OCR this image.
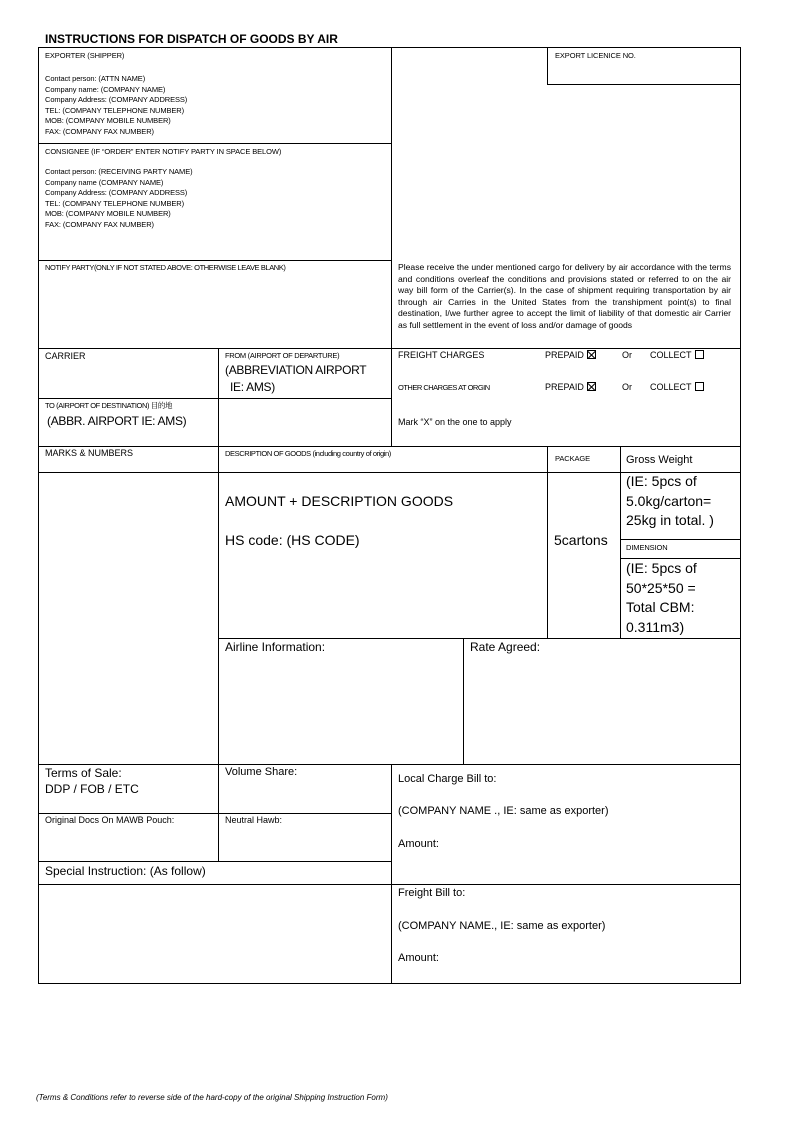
INSTRUCTIONS FOR DISPATCH OF GOODS BY AIR
EXPORTER (SHIPPER)
Contact person: (ATTN NAME)
Company name: (COMPANY NAME)
Company Address: (COMPANY ADDRESS)
TEL: (COMPANY TELEPHONE NUMBER)
MOB: (COMPANY MOBILE NUMBER)
FAX: (COMPANY FAX NUMBER)
EXPORT LICENICE NO.
CONSIGNEE (IF “ORDER” ENTER NOTIFY PARTY IN SPACE BELOW)
Contact person: (RECEIVING PARTY NAME)
Company name (COMPANY NAME)
Company Address: (COMPANY ADDRESS)
TEL: (COMPANY TELEPHONE NUMBER)
MOB: (COMPANY MOBILE NUMBER)
FAX: (COMPANY FAX NUMBER)
NOTIFY PARTY(ONLY IF NOT STATED ABOVE: OTHERWISE LEAVE BLANK)	Please receive the under mentioned cargo for delivery by air accordance with the terms and conditions overleaf the conditions and provisions stated or referred to on the air way bill form of the Carrier(s). In the case of shipment requiring transportation by air through air Carries in the United States from the transhipment point(s) to final destination, I/we further agree to accept the limit of liability of that domestic air Carrier as full settlement in the event of loss and/or damage of goods
CARRIER	FROM (AIRPORT OF DEPARTURE)
(ABBREVIATION AIRPORT
IE: AMS)
TO (AIRPORT OF DESTINATION) 目的地
(ABBR. AIRPORT IE: AMS)
FREIGHT CHARGES	PREPAID	Or COLLECT
OTHER CHARGES AT ORGIN	PREPAID	Or COLLECT
Mark “X” on the one to apply
MARKS & NUMBERS	DESCRIPTION OF GOODS (including country of origin)
PACKAGE	Gross Weight
AMOUNT + DESCRIPTION GOODS
HS code: (HS CODE)	5cartons
(IE: 5pcs of
5.0kg/carton=
25kg in total. )
DIMENSION
(IE: 5pcs of
50*25*50 =
Total CBM:
0.311m3)
Airline Information:	Rate Agreed:
Terms of Sale:
DDP / FOB / ETC
Volume Share:
Original Docs On MAWB Pouch:	Neutral Hawb:
Local Charge Bill to:
(COMPANY NAME ., IE: same as exporter)
Amount:
Special Instruction: (As follow)
Freight Bill to:
(COMPANY NAME., IE: same as exporter)
Amount:
(Terms & Conditions refer to reverse side of the hard-copy of the original Shipping Instruction Form)
